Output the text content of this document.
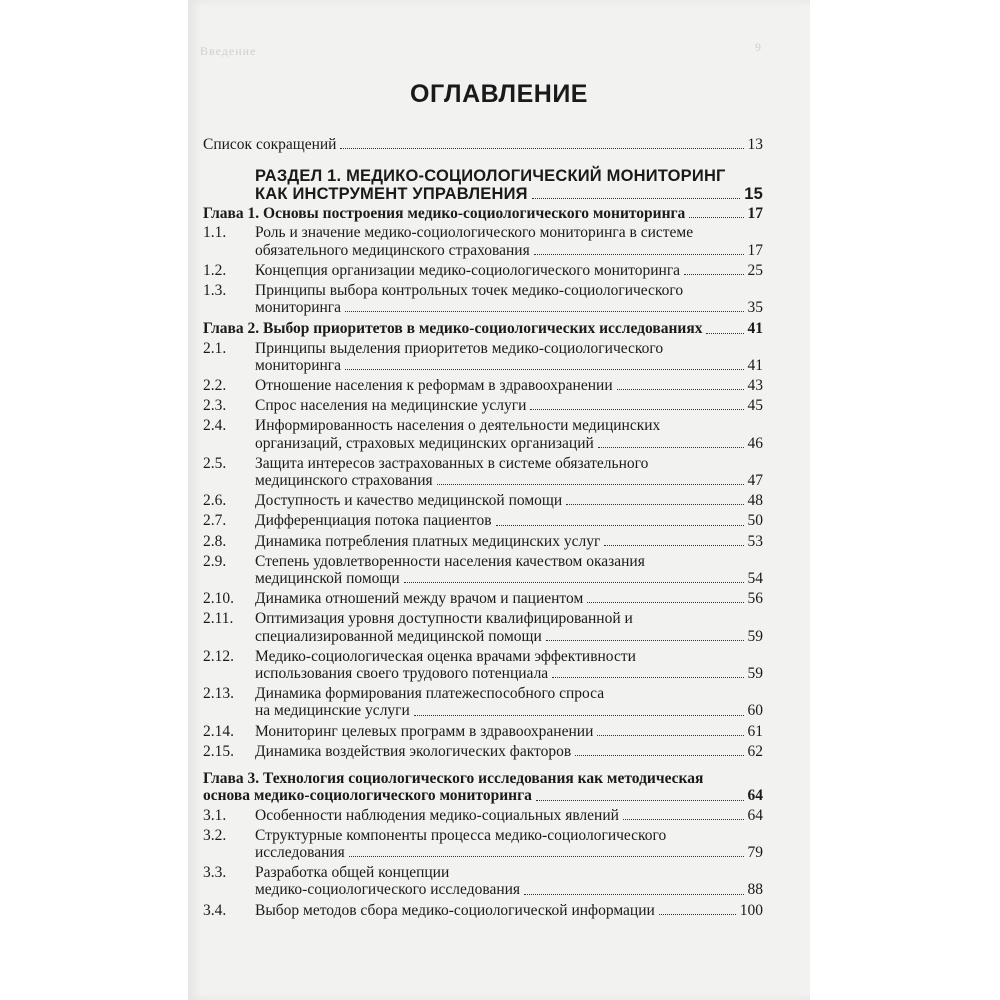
Введение	9
ОГЛАВЛЕНИЕ
Список сокращений	13
РАЗДЕЛ 1. МЕДИКО-СОЦИОЛОГИЧЕСКИЙ МОНИТОРИНГ
КАК ИНСТРУМЕНТ УПРАВЛЕНИЯ	15
Глава 1. Основы построения медико-социологического мониторинга	17
1.1.	Роль и значение медико-социологического мониторинга в системе
обязательного медицинского страхования	17
1.2.	Концепция организации медико-социологического мониторинга	25
1.3.	Принципы выбора контрольных точек медико-социологического
мониторинга	35
Глава 2. Выбор приоритетов в медико-социологических исследованиях	41
2.1.	Принципы выделения приоритетов медико-социологического
мониторинга	41
2.2.	Отношение населения к реформам в здравоохранении	43
2.3.	Спрос населения на медицинские услуги	45
2.4.	Информированность населения о деятельности медицинских
организаций, страховых медицинских организаций	46
2.5.	Защита интересов застрахованных в системе обязательного
медицинского страхования	47
2.6.	Доступность и качество медицинской помощи	48
2.7.	Дифференциация потока пациентов	50
2.8.	Динамика потребления платных медицинских услуг	53
2.9.	Степень удовлетворенности населения качеством оказания
медицинской помощи	54
2.10.	Динамика отношений между врачом и пациентом	56
2.11.	Оптимизация уровня доступности квалифицированной и
специализированной медицинской помощи	59
2.12.	Медико-социологическая оценка врачами эффективности
использования своего трудового потенциала	59
2.13.	Динамика формирования платежеспособного спроса
на медицинские услуги	60
2.14.	Мониторинг целевых программ в здравоохранении	61
2.15.	Динамика воздействия экологических факторов	62
Глава 3. Технология социологического исследования как методическая
основа медико-социологического мониторинга	64
3.1.	Особенности наблюдения медико-социальных явлений	64
3.2.	Структурные компоненты процесса медико-социологического
исследования	79
3.3.	Разработка общей концепции
медико-социологического исследования	88
3.4.	Выбор методов сбора медико-социологической информации	100
